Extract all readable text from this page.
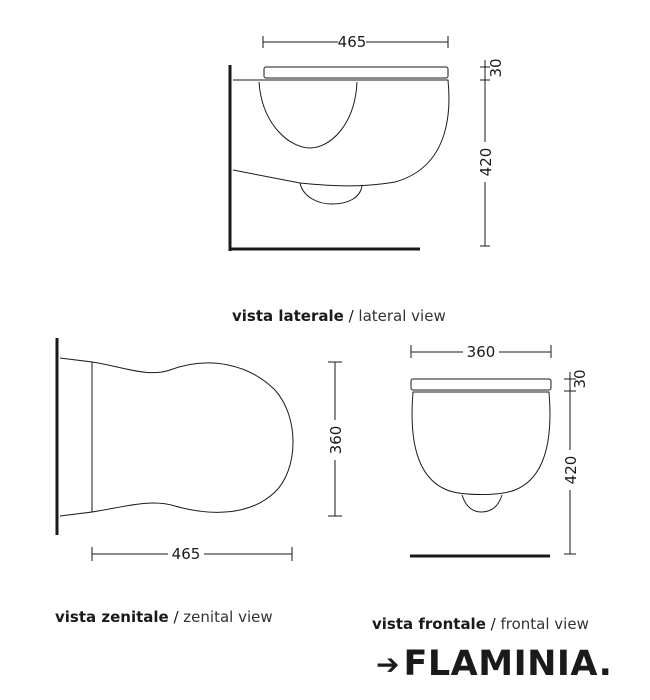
465
30
420
360
465
360
30
420
vista laterale / lateral view
vista zenitale / zenital view	vista frontale / frontal view
➔ FLAMINIA.
